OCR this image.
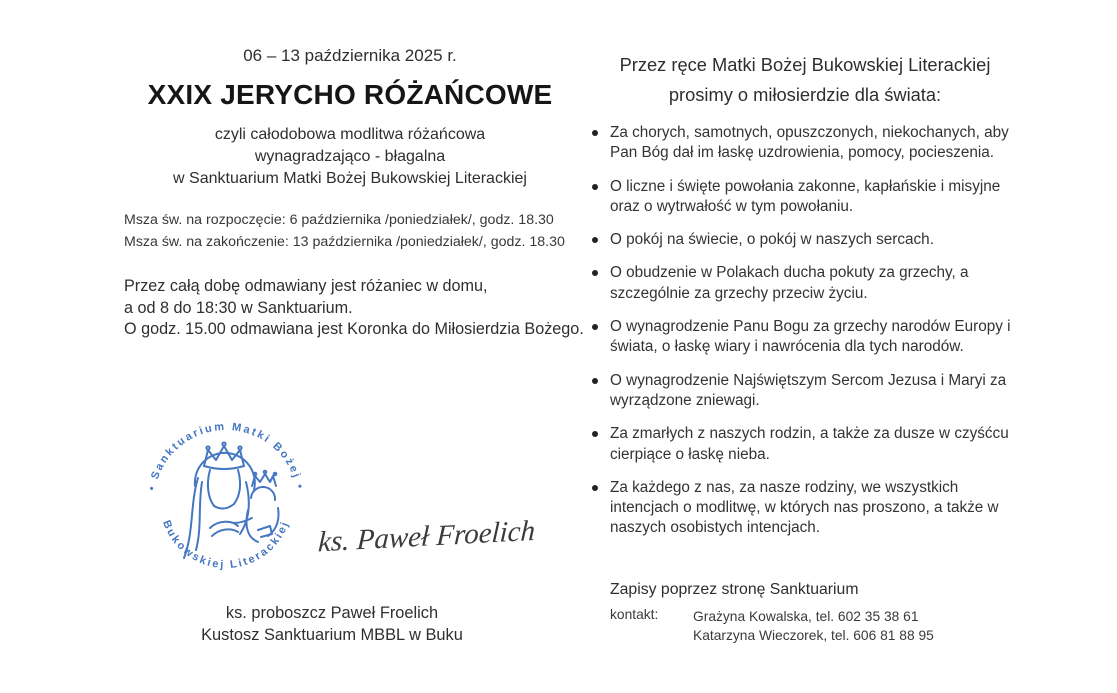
06 – 13 października 2025 r.
XXIX JERYCHO RÓŻAŃCOWE
czyli całodobowa modlitwa różańcowa
wynagradzająco - błagalna
w Sanktuarium Matki Bożej Bukowskiej Literackiej
Msza św. na rozpoczęcie: 6 października /poniedziałek/, godz. 18.30
Msza św. na zakończenie: 13 października /poniedziałek/, godz. 18.30
Przez całą dobę odmawiany jest różaniec w domu,
a od 8 do 18:30 w Sanktuarium.
O godz. 15.00 odmawiana jest Koronka do Miłosierdzia Bożego.
• Sanktuarium Matki Bożej •
Bukowskiej Literackiej ks. Paweł Froelich
ks. proboszcz Paweł Froelich
Kustosz Sanktuarium MBBL w Buku
Przez ręce Matki Bożej Bukowskiej Literackiej
prosimy o miłosierdzie dla świata:
Za chorych, samotnych, opuszczonych, niekochanych, aby Pan Bóg dał im łaskę uzdrowienia, pomocy, pocieszenia.
O liczne i święte powołania zakonne, kapłańskie i misyjne oraz o wytrwałość w tym powołaniu.
O pokój na świecie, o pokój w naszych sercach.
O obudzenie w Polakach ducha pokuty za grzechy, a szczególnie za grzechy przeciw życiu.
O wynagrodzenie Panu Bogu za grzechy narodów Europy i świata, o łaskę wiary i nawrócenia dla tych narodów.
O wynagrodzenie Najświętszym Sercom Jezusa i Maryi za wyrządzone zniewagi.
Za zmarłych z naszych rodzin, a także za dusze w czyśćcu cierpiące o łaskę nieba.
Za każdego z nas, za nasze rodziny, we wszystkich intencjach o modlitwę, w których nas proszono, a także w naszych osobistych intencjach.
Zapisy poprzez stronę Sanktuarium
kontakt:	Grażyna Kowalska, tel. 602 35 38 61
Katarzyna Wieczorek, tel. 606 81 88 95
